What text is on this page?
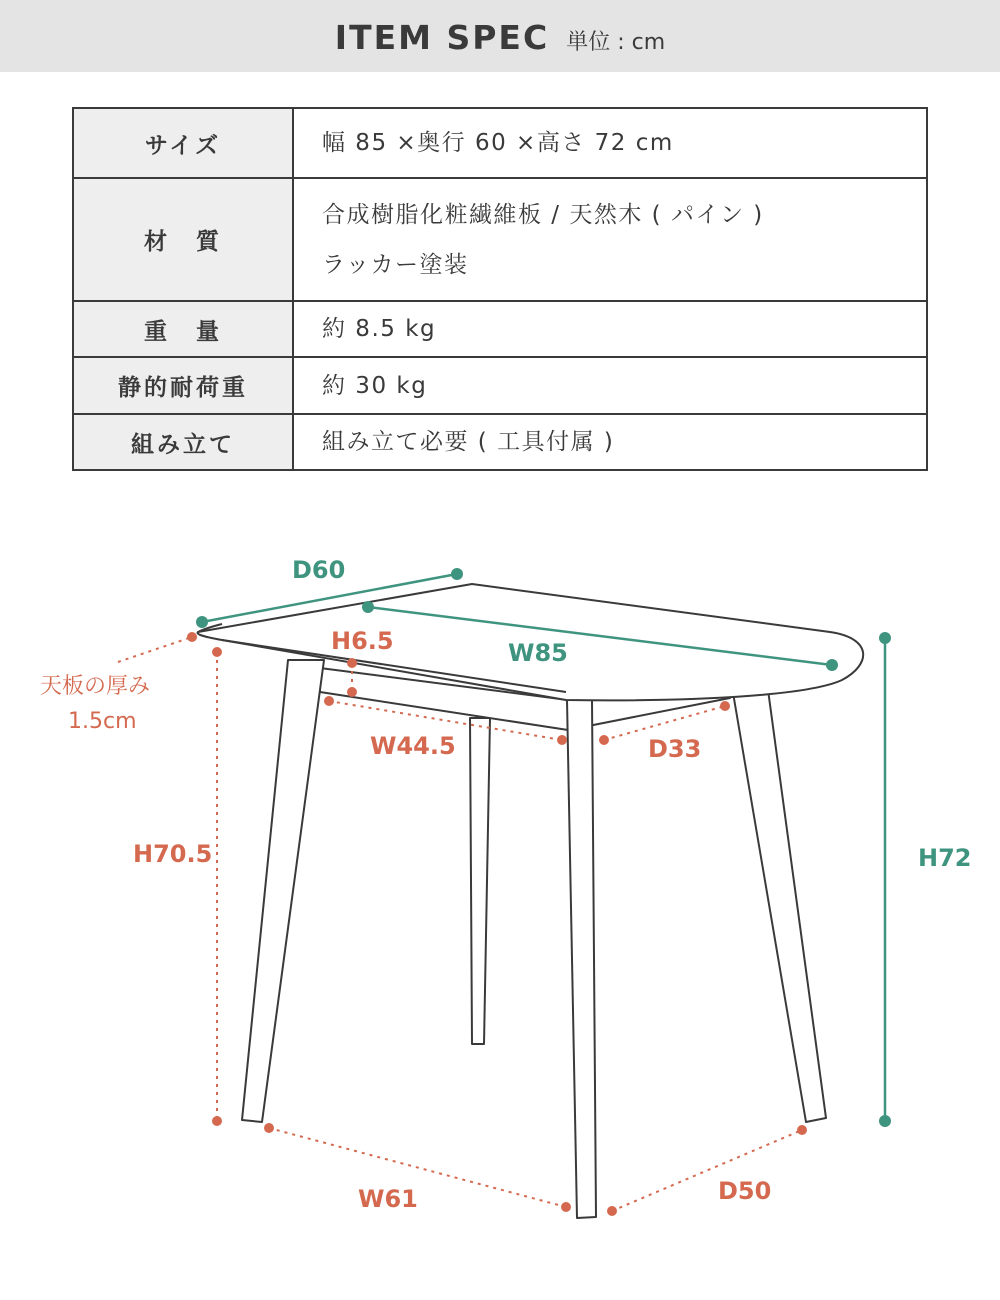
ITEM SPEC 単位 : cm
サイズ	幅 85 ×奥行 60 ×高さ 72 cm

材　質	合成樹脂化粧繊維板 / 天然木 ( パイン )
ラッカー塗装

重　量	約 8.5 kg

静的耐荷重	約 30 kg

組み立て	組み立て必要 ( 工具付属 )
D60
W85
H6.5
天板の厚み
1.5cm
W44.5	D33
H70.5	H72
W61	D50
